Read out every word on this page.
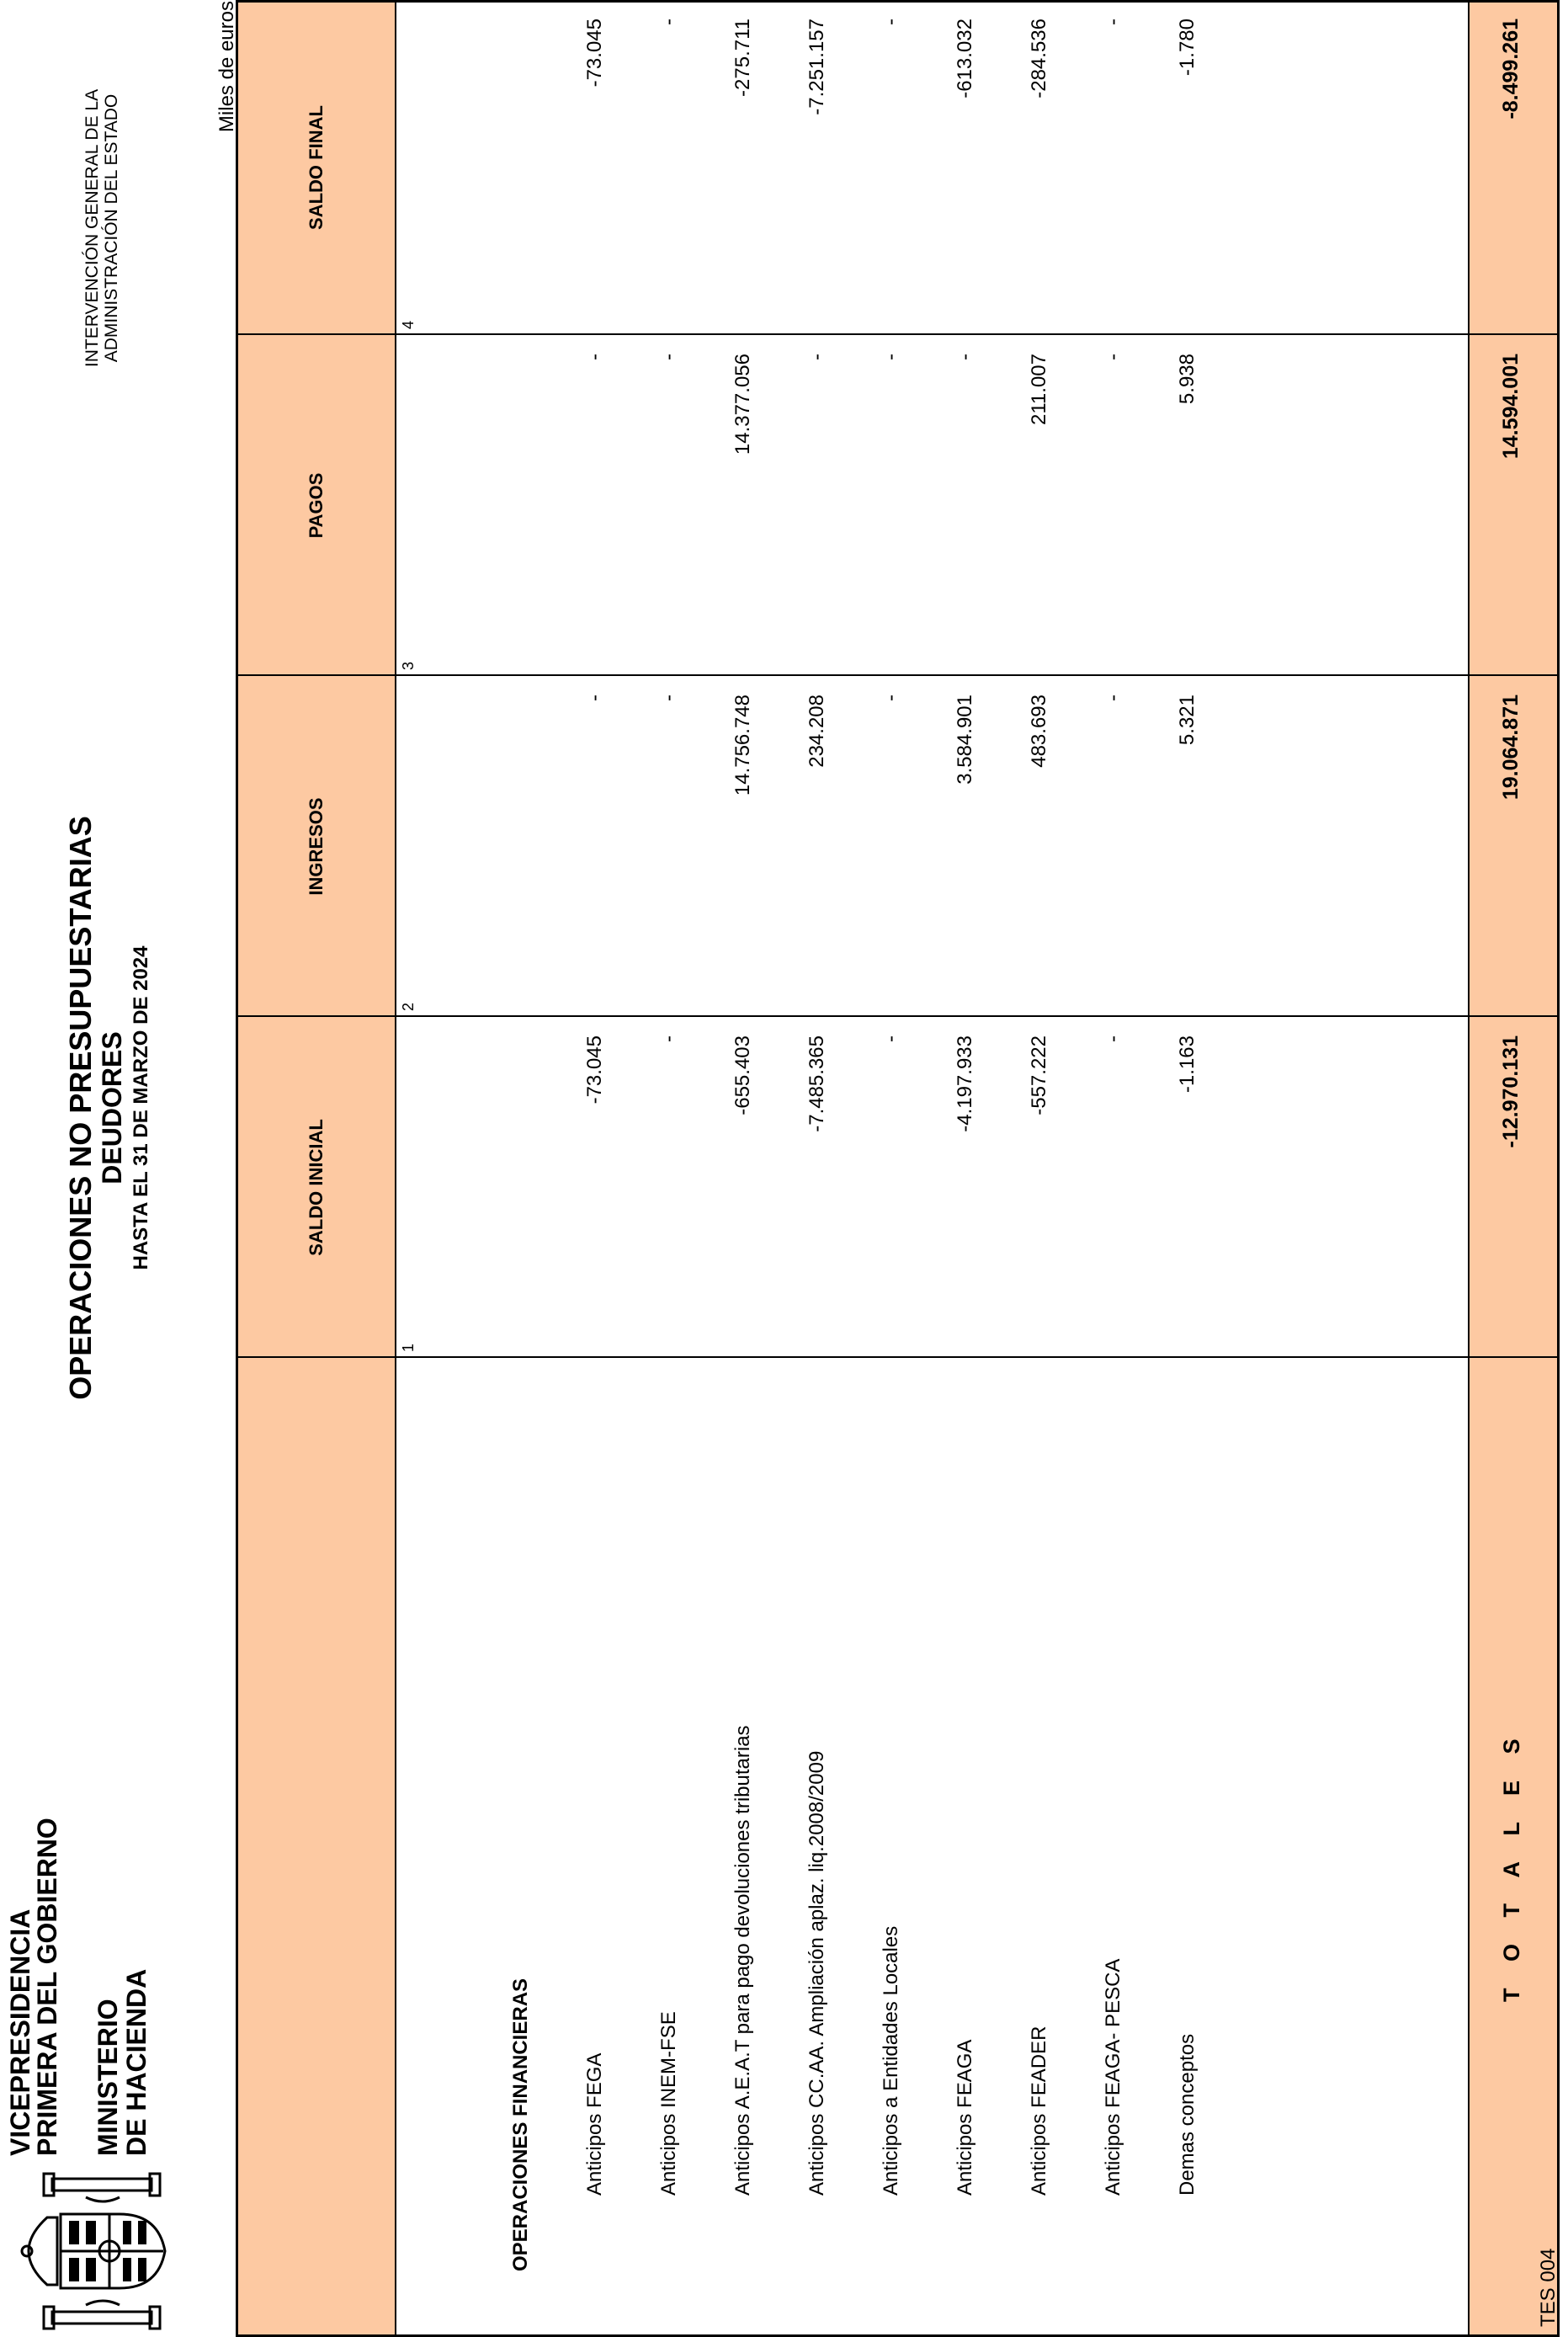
VICEPRESIDENCIA
PRIMERA DEL GOBIERNO MINISTERIO
DE HACIENDA
OPERACIONES NO PRESUPUESTARIAS DEUDORES HASTA EL 31 DE MARZO DE 2024
INTERVENCIÓN GENERAL DE LA ADMINISTRACIÓN DEL ESTADO
Miles de euros
SALDO INICIAL
INGRESOS
PAGOS
SALDO FINAL
1
2
3
4
OPERACIONES FINANCIERAS	Anticipos FEGA
-73.045
-
-
-73.045
Anticipos INEM-FSE
-
-
-
-
Anticipos A.E.A.T para pago devoluciones tributarias
-655.403
14.756.748
14.377.056
-275.711
Anticipos CC.AA. Ampliación aplaz. liq.2008/2009
-7.485.365
234.208
-
-7.251.157
Anticipos a Entidades Locales
-
-
-
-
Anticipos FEAGA
-4.197.933
3.584.901
-
-613.032
Anticipos FEADER
-557.222
483.693
211.007
-284.536
Anticipos FEAGA- PESCA
-
-
-
-
Demas conceptos
-1.163
5.321
5.938
-1.780
T O T A L E S
-12.970.131
19.064.871
14.594.001
-8.499.261
TES 004
